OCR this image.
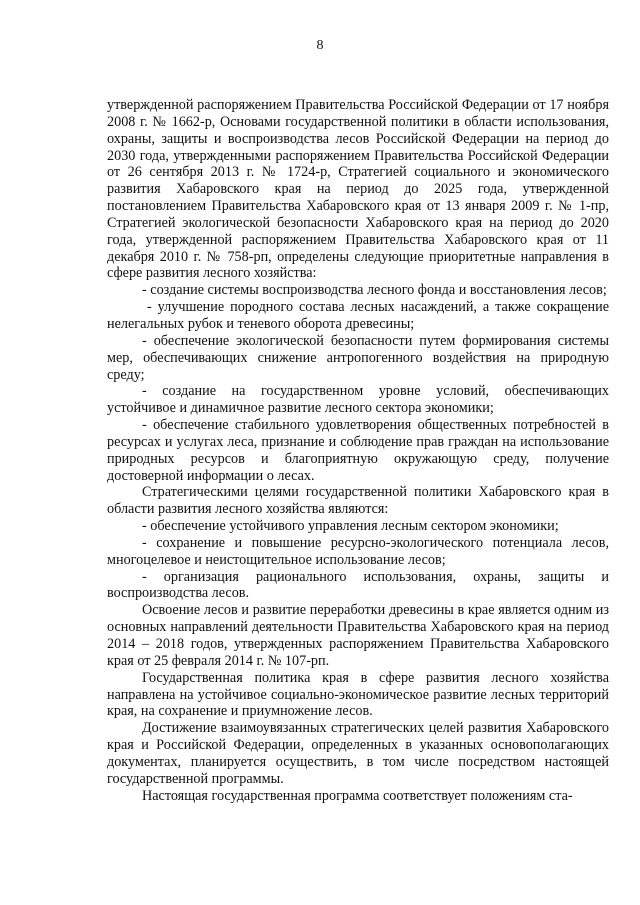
8

утвержденной распоряжением Правительства Российской Федерации от 17 ноября 2008 г. № 1662-р, Основами государственной политики в области использования, охраны, защиты и воспроизводства лесов Российской Федерации на период до 2030 года, утвержденными распоряжением Правительства Российской Федерации от 26 сентября 2013 г. № 1724-р, Стратегией социального и экономического развития Хабаровского края на период до 2025 года, утвержденной постановлением Правительства Хабаровского края от 13 января 2009 г. № 1-пр, Стратегией экологической безопасности Хабаровского края на период до 2020 года, утвержденной распоряжением Правительства Хабаровского края от 11 декабря 2010 г. № 758-рп, определены следующие приоритетные направления в сфере развития лесного хозяйства:

- создание системы воспроизводства лесного фонда и восстановления лесов;

- улучшение породного состава лесных насаждений, а также сокращение нелегальных рубок и теневого оборота древесины;

- обеспечение экологической безопасности путем формирования системы мер, обеспечивающих снижение антропогенного воздействия на природную среду;

- создание на государственном уровне условий, обеспечивающих устойчивое и динамичное развитие лесного сектора экономики;

- обеспечение стабильного удовлетворения общественных потребностей в ресурсах и услугах леса, признание и соблюдение прав граждан на использование природных ресурсов и благоприятную окружающую среду, получение достоверной информации о лесах.

Стратегическими целями государственной политики Хабаровского края в области развития лесного хозяйства являются:

- обеспечение устойчивого управления лесным сектором экономики;

- сохранение и повышение ресурсно-экологического потенциала лесов, многоцелевое и неистощительное использование лесов;

- организация рационального использования, охраны, защиты и воспроизводства лесов.

Освоение лесов и развитие переработки древесины в крае является одним из основных направлений деятельности Правительства Хабаровского края на период 2014 – 2018 годов, утвержденных распоряжением Правительства Хабаровского края от 25 февраля 2014 г. № 107-рп.

Государственная политика края в сфере развития лесного хозяйства направлена на устойчивое социально-экономическое развитие лесных территорий края, на сохранение и приумножение лесов.

Достижение взаимоувязанных стратегических целей развития Хабаровского края и Российской Федерации, определенных в указанных основополагающих документах, планируется осуществить, в том числе посредством настоящей государственной программы.

Настоящая государственная программа соответствует положениям ста-
